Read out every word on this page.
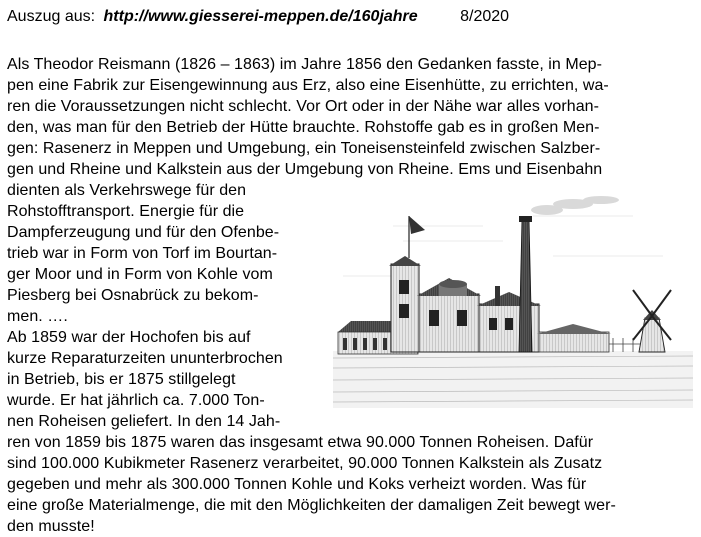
Auszug aus: http://www.giesserei-meppen.de/160jahre	8/2020
Als Theodor Reismann (1826 – 1863) im Jahre 1856 den Gedanken fasste, in Mep-
pen eine Fabrik zur Eisengewinnung aus Erz, also eine Eisenhütte, zu errichten, wa-
ren die Voraussetzungen nicht schlecht. Vor Ort oder in der Nähe war alles vorhan-
den, was man für den Betrieb der Hütte brauchte. Rohstoffe gab es in großen Men-
gen: Rasenerz in Meppen und Umgebung, ein Toneisensteinfeld zwischen Salzber-
gen und Rheine und Kalkstein aus der Umgebung von Rheine. Ems und Eisenbahn
dienten als Verkehrswege für den
Rohstofftransport. Energie für die
Dampferzeugung und für den Ofenbe-
trieb war in Form von Torf im Bourtan-
ger Moor und in Form von Kohle vom
Piesberg bei Osnabrück zu bekom-
men. ….
Ab 1859 war der Hochofen bis auf
kurze Reparaturzeiten ununterbrochen
in Betrieb, bis er 1875 stillgelegt
wurde. Er hat jährlich ca. 7.000 Ton-
nen Roheisen geliefert. In den 14 Jah-
ren von 1859 bis 1875 waren das insgesamt etwa 90.000 Tonnen Roheisen. Dafür
sind 100.000 Kubikmeter Rasenerz verarbeitet, 90.000 Tonnen Kalkstein als Zusatz
gegeben und mehr als 300.000 Tonnen Kohle und Koks verheizt worden. Was für
eine große Materialmenge, die mit den Möglichkeiten der damaligen Zeit bewegt wer-
den musste!
